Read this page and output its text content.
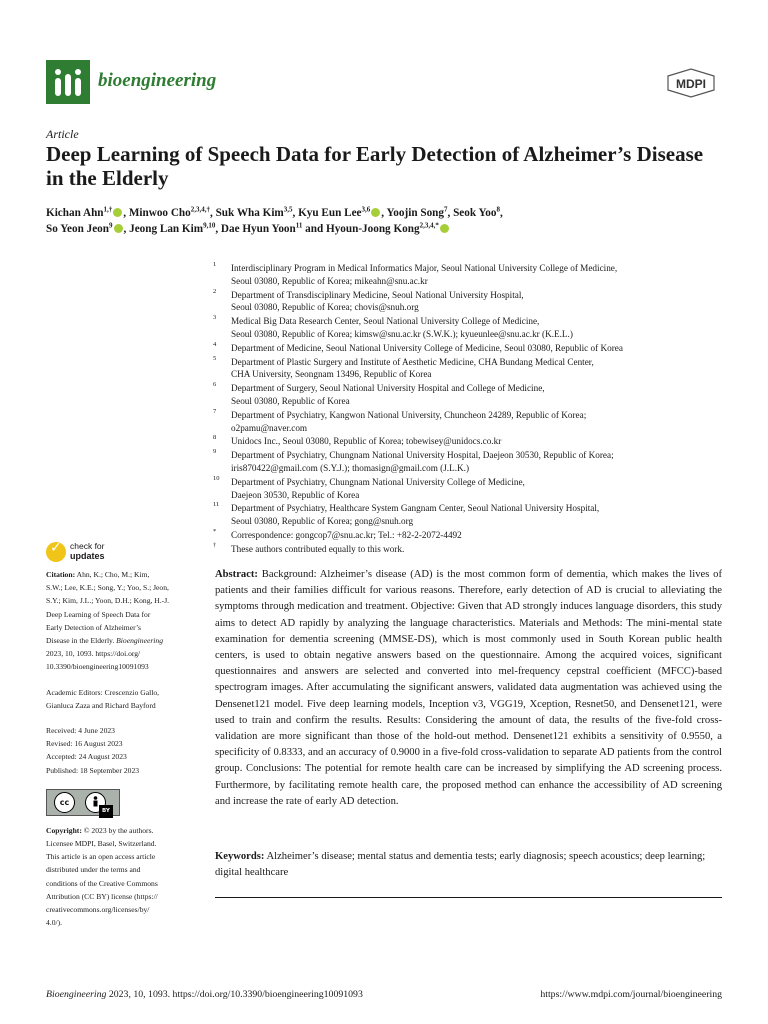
bioengineering	MDPI
Article
Deep Learning of Speech Data for Early Detection of Alzheimer’s Disease in the Elderly
Kichan Ahn$^{1,\dagger}$ , Minwoo Cho$^{2,3,4,\dagger}$, Suk Wha Kim$^{3,5}$, Kyu Eun Lee$^{3,6}$ , Yoojin Song$^7$, Seok Yoo$^8$,
So Yeon Jeon$^9$ , Jeong Lan Kim$^{9,10}$, Dae Hyun Yoon$^{11}$ and Hyoun-Joong Kong$^{2,3,4,*}$
1 Interdisciplinary Program in Medical Informatics Major, Seoul National University College of Medicine,
Seoul 03080, Republic of Korea; mikeahn@snu.ac.kr
2 Department of Transdisciplinary Medicine, Seoul National University Hospital,
Seoul 03080, Republic of Korea; chovis@snuh.org
3 Medical Big Data Research Center, Seoul National University College of Medicine,
Seoul 03080, Republic of Korea; kimsw@snu.ac.kr (S.W.K.); kyueunlee@snu.ac.kr (K.E.L.)
4 Department of Medicine, Seoul National University College of Medicine, Seoul 03080, Republic of Korea
5 Department of Plastic Surgery and Institute of Aesthetic Medicine, CHA Bundang Medical Center,
CHA University, Seongnam 13496, Republic of Korea
6 Department of Surgery, Seoul National University Hospital and College of Medicine,
Seoul 03080, Republic of Korea
7 Department of Psychiatry, Kangwon National University, Chuncheon 24289, Republic of Korea;
o2pamu@naver.com
8 Unidocs Inc., Seoul 03080, Republic of Korea; tobewisey@unidocs.co.kr
9 Department of Psychiatry, Chungnam National University Hospital, Daejeon 30530, Republic of Korea;
iris870422@gmail.com (S.Y.J.); thomasign@gmail.com (J.L.K.)
10 Department of Psychiatry, Chungnam National University College of Medicine,
Daejeon 30530, Republic of Korea
11 Department of Psychiatry, Healthcare System Gangnam Center, Seoul National University Hospital,
Seoul 03080, Republic of Korea; gong@snuh.org
* Correspondence: gongcop7@snu.ac.kr; Tel.: +82-2-2072-4492
† These authors contributed equally to this work.
✓ check for
updates

Citation: Ahn, K.; Cho, M.; Kim,
S.W.; Lee, K.E.; Song, Y.; Yoo, S.; Jeon,
S.Y.; Kim, J.L.; Yoon, D.H.; Kong, H.-J.
Deep Learning of Speech Data for
Early Detection of Alzheimer’s
Disease in the Elderly. Bioengineering
2023, 10, 1093. https://doi.org/
10.3390/bioengineering10091093

Academic Editors: Crescenzio Gallo,
Gianluca Zaza and Richard Bayford

Received: 4 June 2023
Revised: 16 August 2023
Accepted: 24 August 2023
Published: 18 September 2023

cc
BY

Copyright: © 2023 by the authors.
Licensee MDPI, Basel, Switzerland.
This article is an open access article
distributed under the terms and
conditions of the Creative Commons
Attribution (CC BY) license (https://
creativecommons.org/licenses/by/
4.0/).

Abstract: Background: Alzheimer’s disease (AD) is the most common form of dementia, which makes the lives of patients and their families difficult for various reasons. Therefore, early detection of AD is crucial to alleviating the symptoms through medication and treatment. Objective: Given that AD strongly induces language disorders, this study aims to detect AD rapidly by analyzing the language characteristics. Materials and Methods: The mini-mental state examination for dementia screening (MMSE-DS), which is most commonly used in South Korean public health centers, is used to obtain negative answers based on the questionnaire. Among the acquired voices, significant questionnaires and answers are selected and converted into mel-frequency cepstral coefficient (MFCC)-based spectrogram images. After accumulating the significant answers, validated data augmentation was achieved using the Densenet121 model. Five deep learning models, Inception v3, VGG19, Xception, Resnet50, and Densenet121, were used to train and confirm the results. Results: Considering the amount of data, the results of the five-fold cross-validation are more significant than those of the hold-out method. Densenet121 exhibits a sensitivity of 0.9550, a specificity of 0.8333, and an accuracy of 0.9000 in a five-fold cross-validation to separate AD patients from the control group. Conclusions: The potential for remote health care can be increased by simplifying the AD screening process. Furthermore, by facilitating remote health care, the proposed method can enhance the accessibility of AD screening and increase the rate of early AD detection.

Keywords: Alzheimer’s disease; mental status and dementia tests; early diagnosis; speech acoustics; deep learning; digital healthcare

Bioengineering 2023, 10, 1093. https://doi.org/10.3390/bioengineering10091093	https://www.mdpi.com/journal/bioengineering
